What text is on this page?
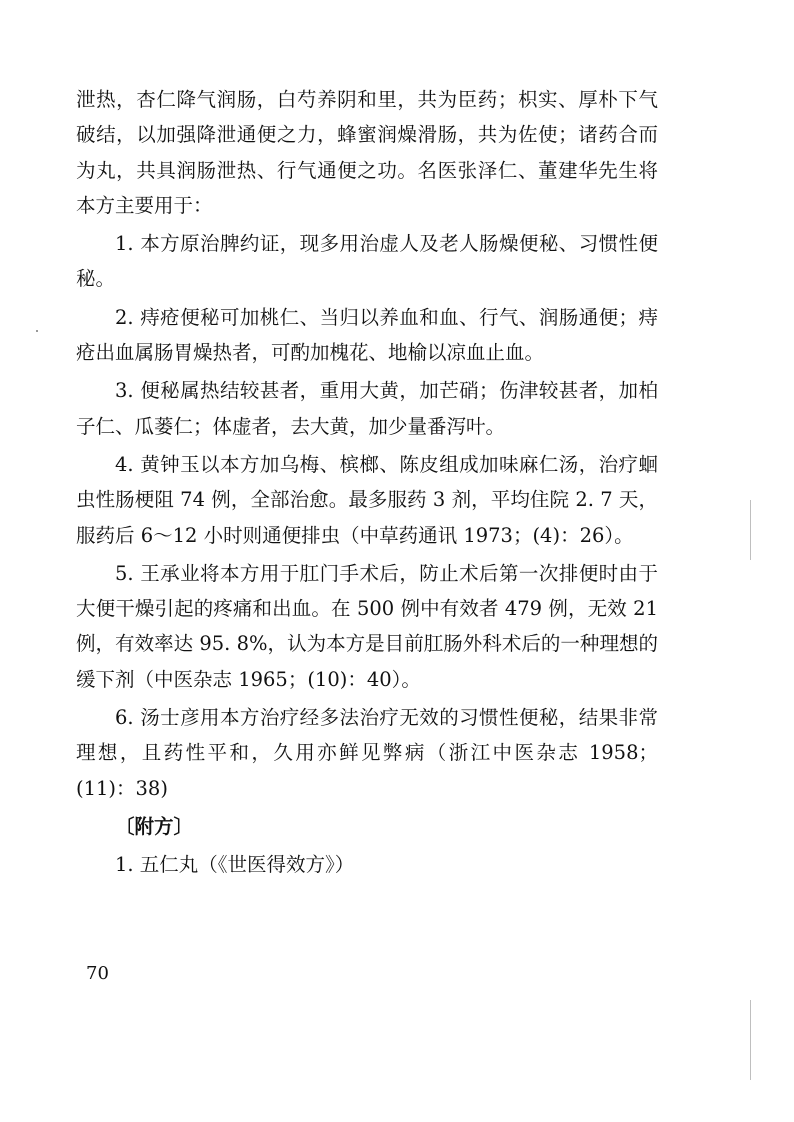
泄热，杏仁降气润肠，白芍养阴和里，共为臣药；枳实、厚朴下气破结，以加强降泄通便之力，蜂蜜润燥滑肠，共为佐使；诸药合而为丸，共具润肠泄热、行气通便之功。名医张泽仁、董建华先生将本方主要用于：

1. 本方原治脾约证，现多用治虚人及老人肠燥便秘、习惯性便秘。

2. 痔疮便秘可加桃仁、当归以养血和血、行气、润肠通便；痔疮出血属肠胃燥热者，可酌加槐花、地榆以凉血止血。

3. 便秘属热结较甚者，重用大黄，加芒硝；伤津较甚者，加柏子仁、瓜蒌仁；体虚者，去大黄，加少量番泻叶。

4. 黄钟玉以本方加乌梅、槟榔、陈皮组成加味麻仁汤，治疗蛔虫性肠梗阻 74 例，全部治愈。最多服药 3 剂，平均住院 2. 7 天，服药后 6～12 小时则通便排虫（中草药通讯 1973；(4)：26）。

5. 王承业将本方用于肛门手术后，防止术后第一次排便时由于大便干燥引起的疼痛和出血。在 500 例中有效者 479 例，无效 21 例，有效率达 95. 8%，认为本方是目前肛肠外科术后的一种理想的缓下剂（中医杂志 1965；(10)：40）。

6. 汤士彦用本方治疗经多法治疗无效的习惯性便秘，结果非常理想，且药性平和，久用亦鲜见弊病（浙江中医杂志 1958；(11)：38)

〔附方〕

1. 五仁丸（《世医得效方》）

70
